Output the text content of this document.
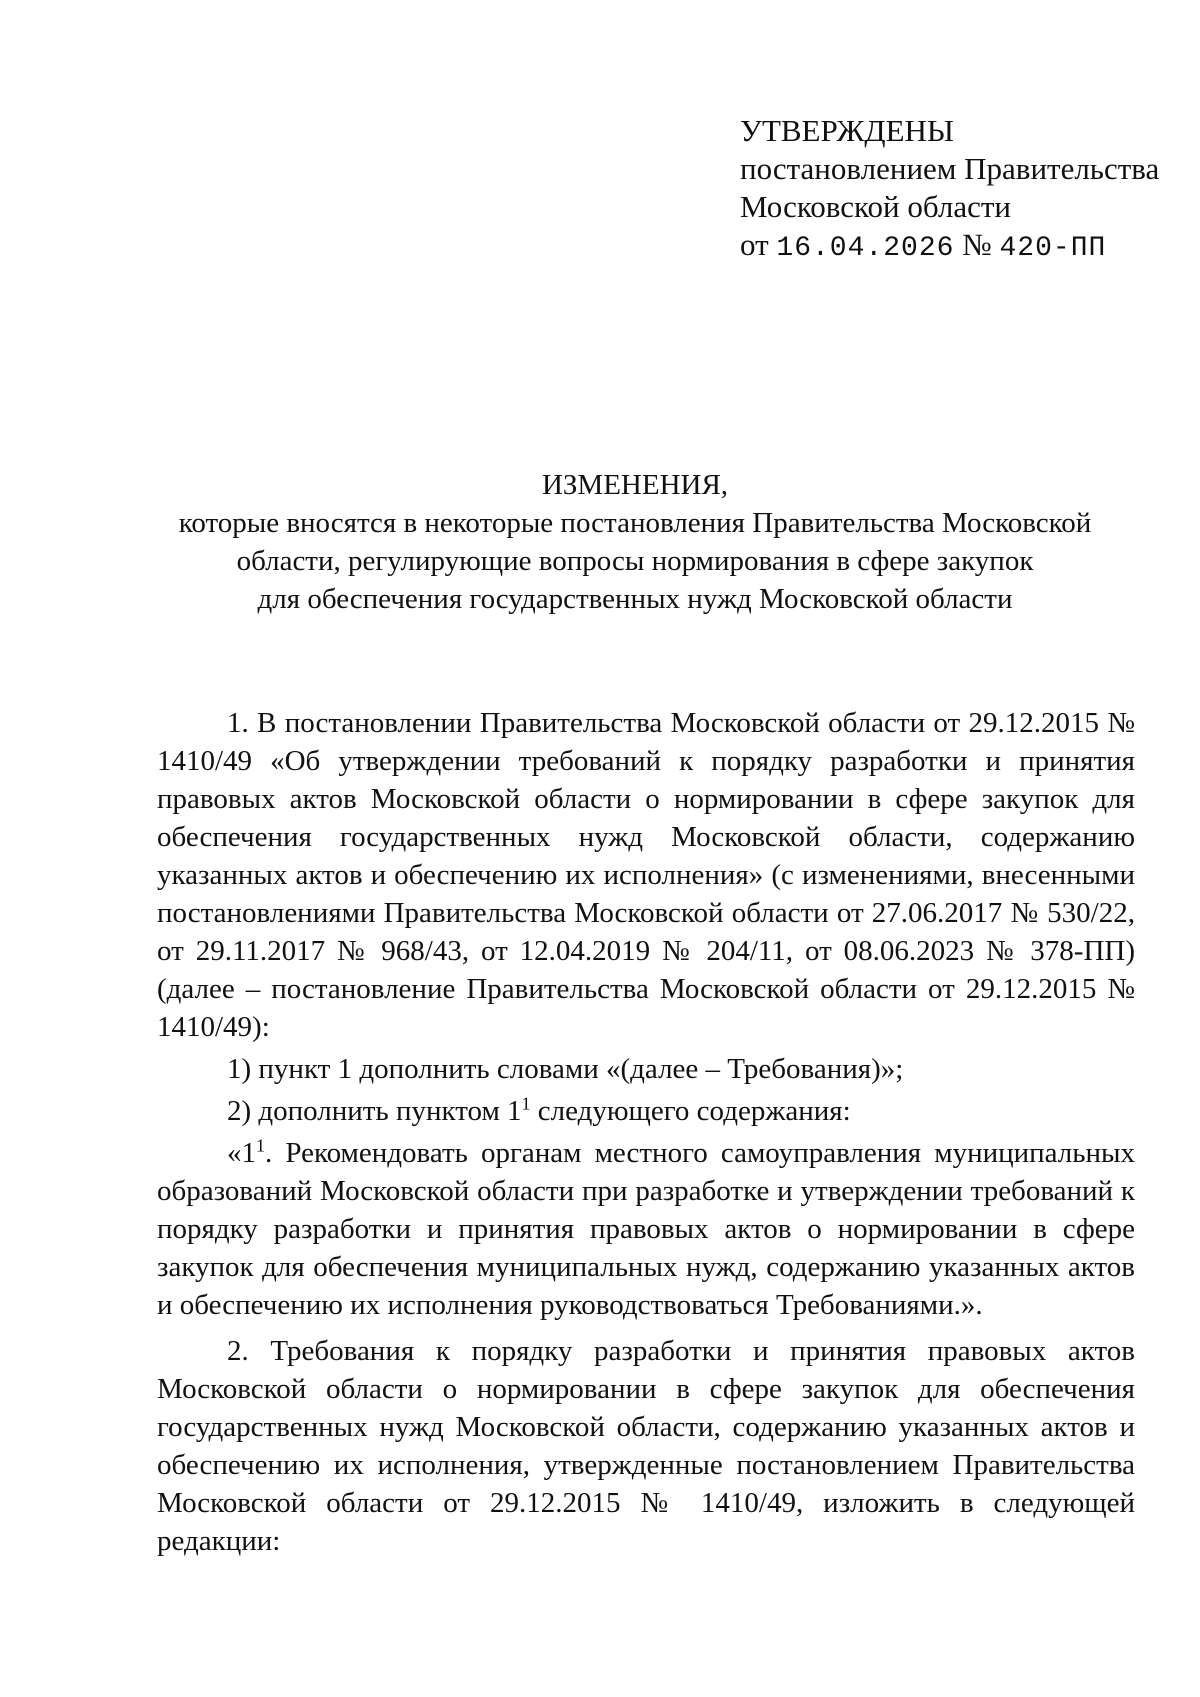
УТВЕРЖДЕНЫ
постановлением Правительства
Московской области
от 16.04.2026 № 420-ПП
ИЗМЕНЕНИЯ,
которые вносятся в некоторые постановления Правительства Московской
области, регулирующие вопросы нормирования в сфере закупок
для обеспечения государственных нужд Московской области

1. В постановлении Правительства Московской области от 29.12.2015 № 1410/49 «Об утверждении требований к порядку разработки и принятия правовых актов Московской области о нормировании в сфере закупок для обеспечения государственных нужд Московской области, содержанию указанных актов и обеспечению их исполнения» (с изменениями, внесенными постановлениями Правительства Московской области от 27.06.2017 № 530/22, от 29.11.2017 № 968/43, от 12.04.2019 № 204/11, от 08.06.2023 № 378-ПП) (далее – постановление Правительства Московской области от 29.12.2015 № 1410/49):

1) пункт 1 дополнить словами «(далее – Требования)»;

2) дополнить пунктом $1^1$ следующего содержания:

«$1^1$. Рекомендовать органам местного самоуправления муниципальных образований Московской области при разработке и утверждении требований к порядку разработки и принятия правовых актов о нормировании в сфере закупок для обеспечения муниципальных нужд, содержанию указанных актов и обеспечению их исполнения руководствоваться Требованиями.».

2. Требования к порядку разработки и принятия правовых актов Московской области о нормировании в сфере закупок для обеспечения государственных нужд Московской области, содержанию указанных актов и обеспечению их исполнения, утвержденные постановлением Правительства Московской области от 29.12.2015 № 1410/49, изложить в следующей редакции:
